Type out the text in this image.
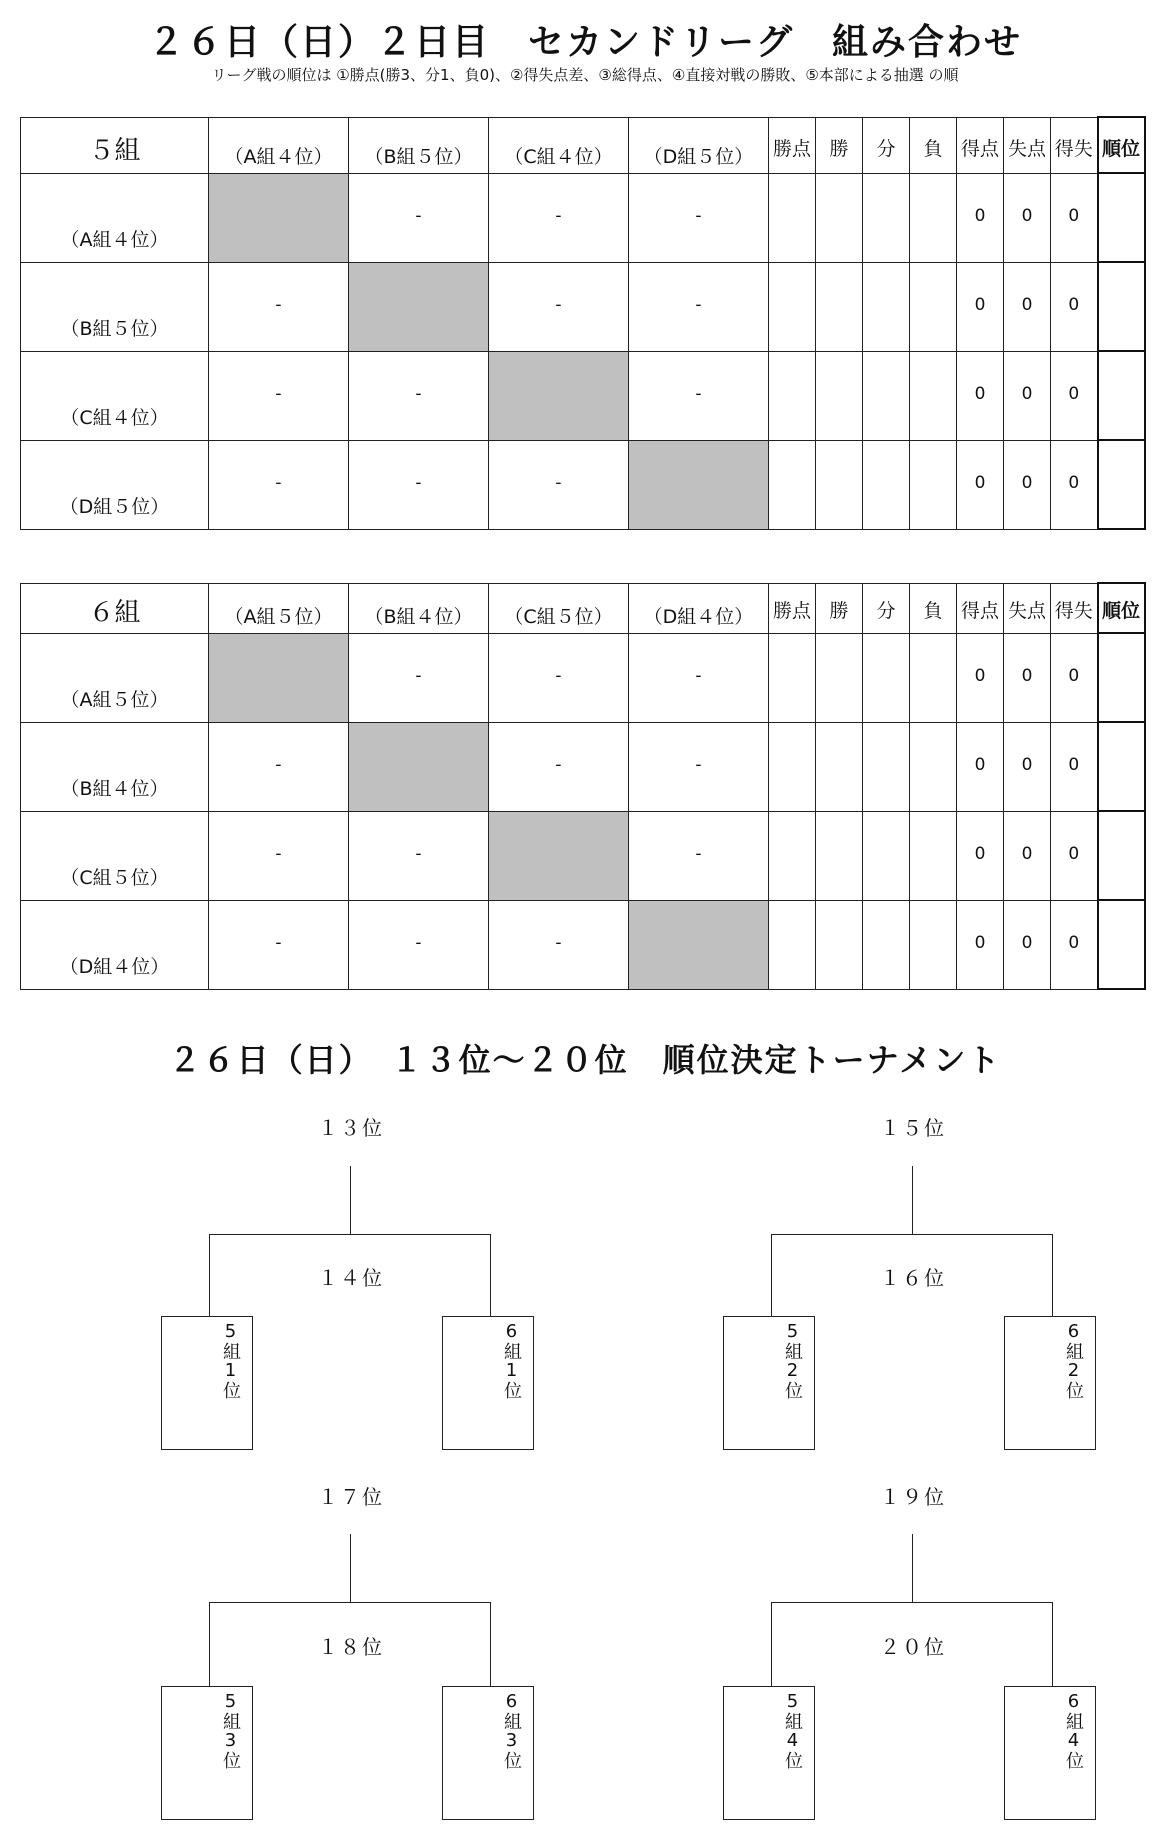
２６日（日）２日目　セカンドリーグ　組み合わせ
リーグ戦の順位は ①勝点(勝3、分1、負0)、②得失点差、③総得点、④直接対戦の勝敗、⑤本部による抽選 の順
５組	（A組４位）	（B組５位）	（C組４位）	（D組５位）	勝点	勝	分	負	得点	失点	得失	順位

（A組４位）		-	-	-					0	0	0	

（B組５位）	-		-	-					0	0	0	

（C組４位）	-	-		-					0	0	0	

（D組５位）	-	-	-						0	0	0	

６組	（A組５位）	（B組４位）	（C組５位）	（D組４位）	勝点	勝	分	負	得点	失点	得失	順位

（A組５位）		-	-	-					0	0	0	

（B組４位）	-		-	-					0	0	0	

（C組５位）	-	-		-					0	0	0	

（D組４位）	-	-	-						0	0	0	

２６日（日）　１３位～２０位　順位決定トーナメント
１３位
１４位
5組1位	6組1位
１５位
１６位
5組2位	6組2位
１７位
１８位
5組3位	6組3位
１９位
２０位
5組4位	6組4位
